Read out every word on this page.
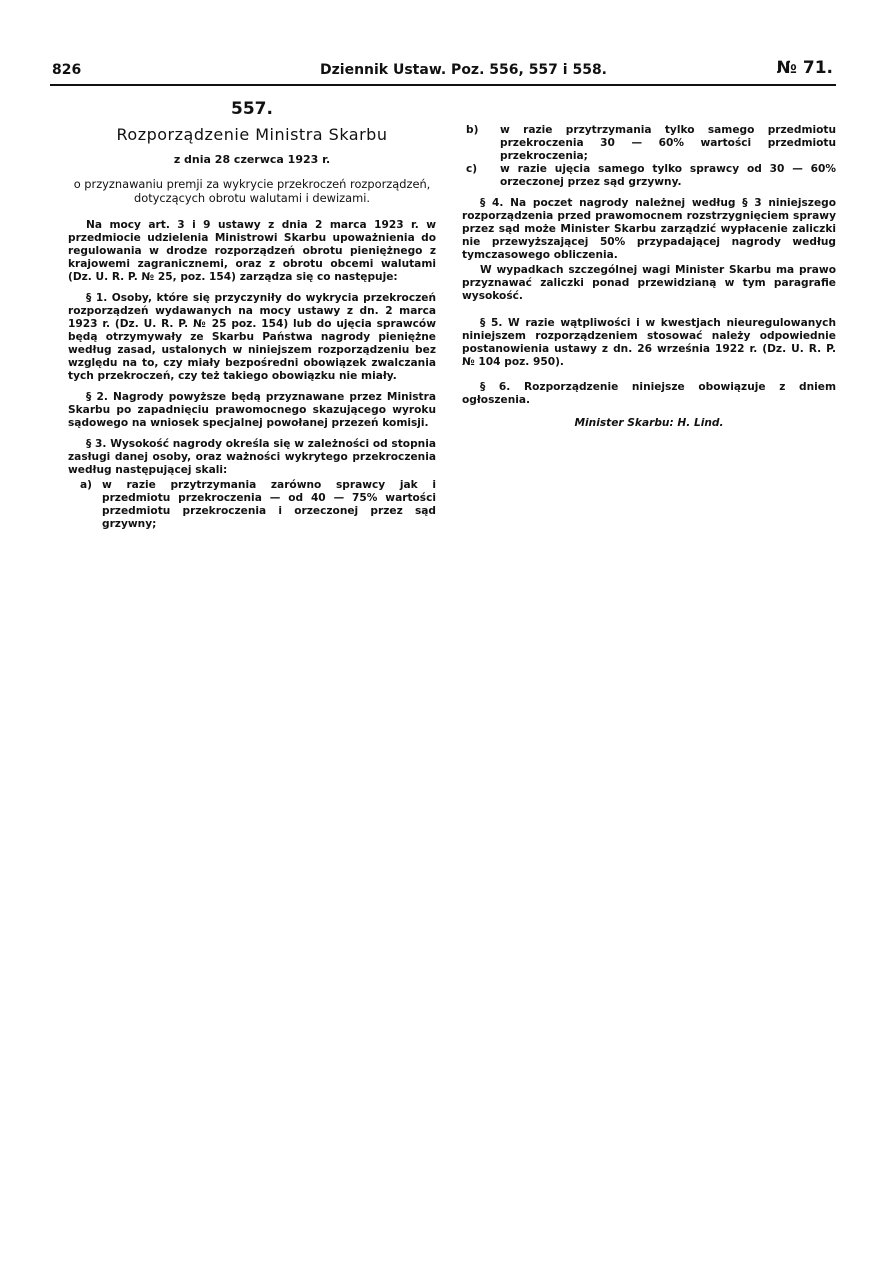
826	Dziennik Ustaw. Poz. 556, 557 i 558.	№ 71.
557.
Rozporządzenie Ministra Skarbu
z dnia 28 czerwca 1923 r.
o przyznawaniu premji za wykrycie przekroczeń rozporządzeń, dotyczących obrotu walutami i dewizami.

Na mocy art. 3 i 9 ustawy z dnia 2 marca 1923 r. w przedmiocie udzielenia Ministrowi Skarbu upoważnienia do regulowania w drodze rozporządzeń obrotu pieniężnego z krajowemi zagranicznemi, oraz z obrotu obcemi walutami (Dz. U. R. P. № 25, poz. 154) zarządza się co następuje:

§ 1. Osoby, które się przyczyniły do wykrycia przekroczeń rozporządzeń wydawanych na mocy ustawy z dn. 2 marca 1923 r. (Dz. U. R. P. № 25 poz. 154) lub do ujęcia sprawców będą otrzymywały ze Skarbu Państwa nagrody pieniężne według zasad, ustalonych w niniejszem rozporządzeniu bez względu na to, czy miały bezpośredni obowiązek zwalczania tych przekroczeń, czy też takiego obowiązku nie miały.

§ 2. Nagrody powyższe będą przyznawane przez Ministra Skarbu po zapadnięciu prawomocnego skazującego wyroku sądowego na wniosek specjalnej powołanej przezeń komisji.

§ 3. Wysokość nagrody określa się w zależności od stopnia zasługi danej osoby, oraz ważności wykrytego przekroczenia według następującej skali:

a) w razie przytrzymania zarówno sprawcy jak i przedmiotu przekroczenia — od 40 — 75% wartości przedmiotu przekroczenia i orzeczonej przez sąd grzywny;
b) w razie przytrzymania tylko samego przedmiotu przekroczenia 30 — 60% wartości przedmiotu przekroczenia;
c) w razie ujęcia samego tylko sprawcy od 30 — 60% orzeczonej przez sąd grzywny.

§ 4. Na poczet nagrody należnej według § 3 niniejszego rozporządzenia przed prawomocnem rozstrzygnięciem sprawy przez sąd może Minister Skarbu zarządzić wypłacenie zaliczki nie przewyższającej 50% przypadającej nagrody według tymczasowego obliczenia.

W wypadkach szczególnej wagi Minister Skarbu ma prawo przyznawać zaliczki ponad przewidzianą w tym paragrafie wysokość.

§ 5. W razie wątpliwości i w kwestjach nieuregulowanych niniejszem rozporządzeniem stosować należy odpowiednie postanowienia ustawy z dn. 26 września 1922 r. (Dz. U. R. P. № 104 poz. 950).

§ 6. Rozporządzenie niniejsze obowiązuje z dniem ogłoszenia.

Minister Skarbu: H. Lind.
